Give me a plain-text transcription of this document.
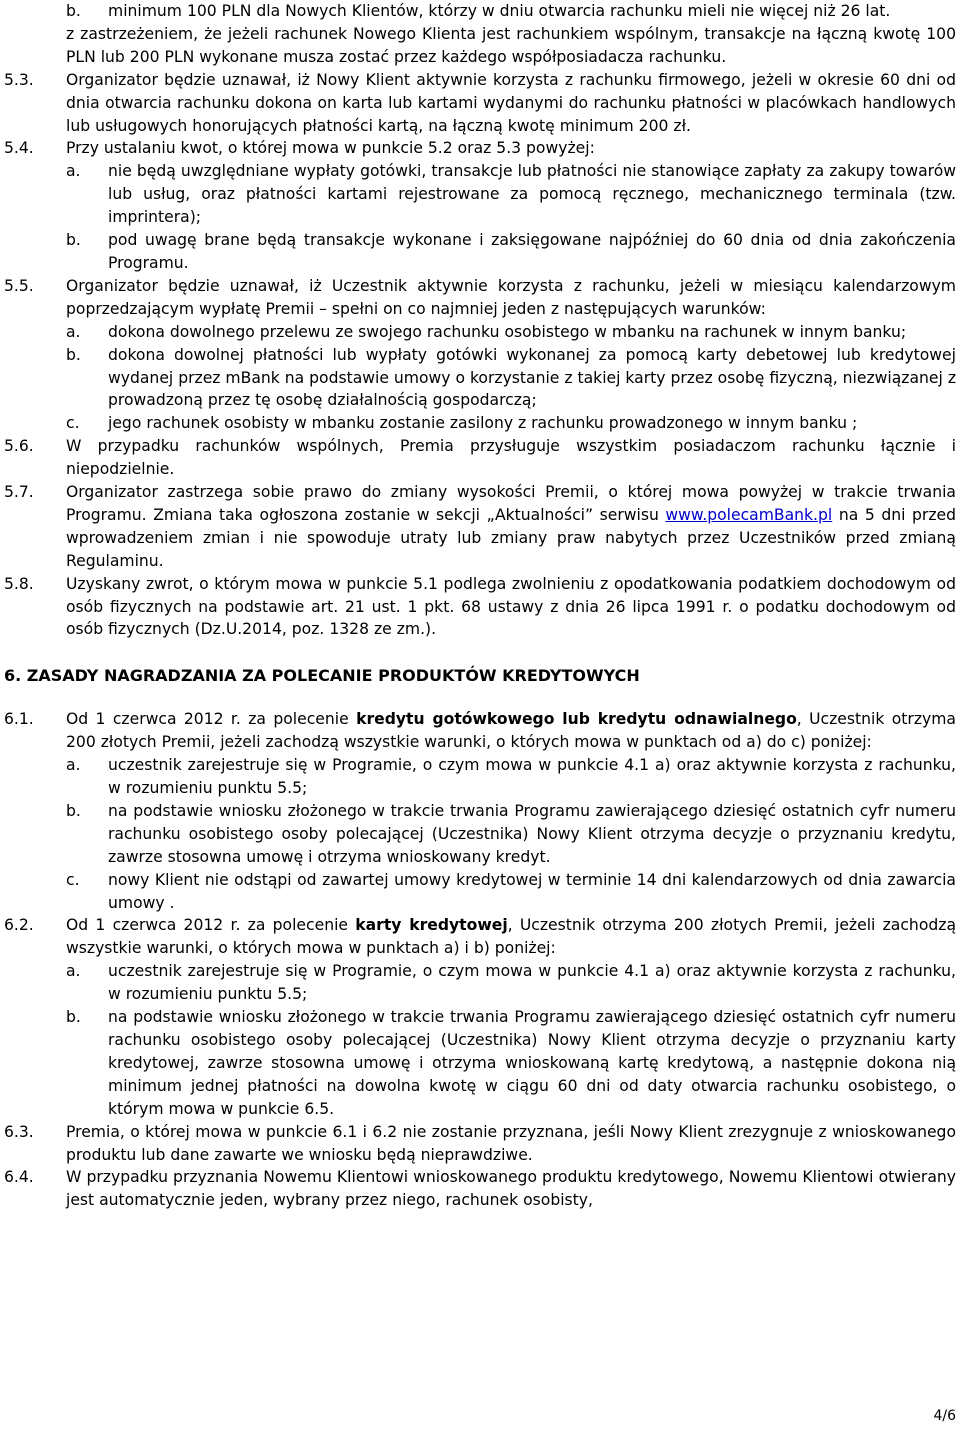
b.	minimum 100 PLN dla Nowych Klientów, którzy w dniu otwarcia rachunku mieli nie więcej niż 26 lat.
z zastrzeżeniem, że jeżeli rachunek Nowego Klienta jest rachunkiem wspólnym, transakcje na łączną kwotę 100 PLN lub 200 PLN wykonane musza zostać przez każdego współposiadacza rachunku.
5.3.	Organizator będzie uznawał, iż Nowy Klient aktywnie korzysta z rachunku firmowego, jeżeli w okresie 60 dni od dnia otwarcia rachunku dokona on karta lub kartami wydanymi do rachunku płatności w placówkach handlowych lub usługowych honorujących płatności kartą, na łączną kwotę minimum 200 zł.
5.4.	Przy ustalaniu kwot, o której mowa w punkcie 5.2 oraz 5.3 powyżej:
a.	nie będą uwzględniane wypłaty gotówki, transakcje lub płatności nie stanowiące zapłaty za zakupy towarów lub usług, oraz płatności kartami rejestrowane za pomocą ręcznego, mechanicznego terminala (tzw. imprintera);
b.	pod uwagę brane będą transakcje wykonane i zaksięgowane najpóźniej do 60 dnia od dnia zakończenia Programu.
5.5.	Organizator będzie uznawał, iż Uczestnik aktywnie korzysta z rachunku, jeżeli w miesiącu kalendarzowym poprzedzającym wypłatę Premii – spełni on co najmniej jeden z następujących warunków:
a.	dokona dowolnego przelewu ze swojego rachunku osobistego w mbanku na rachunek w innym banku;
b.	dokona dowolnej płatności lub wypłaty gotówki wykonanej za pomocą karty debetowej lub kredytowej wydanej przez mBank na podstawie umowy o korzystanie z takiej karty przez osobę fizyczną, niezwiązanej z prowadzoną przez tę osobę działalnością gospodarczą;
c.	jego rachunek osobisty w mbanku zostanie zasilony z rachunku prowadzonego w innym banku ;
5.6.	W przypadku rachunków wspólnych, Premia przysługuje wszystkim posiadaczom rachunku łącznie i niepodzielnie.
5.7.	Organizator zastrzega sobie prawo do zmiany wysokości Premii, o której mowa powyżej w trakcie trwania Programu. Zmiana taka ogłoszona zostanie w sekcji „Aktualności” serwisu www.polecamBank.pl na 5 dni przed wprowadzeniem zmian i nie spowoduje utraty lub zmiany praw nabytych przez Uczestników przed zmianą Regulaminu.
5.8.	Uzyskany zwrot, o którym mowa w punkcie 5.1 podlega zwolnieniu z opodatkowania podatkiem dochodowym od osób fizycznych na podstawie art. 21 ust. 1 pkt. 68 ustawy z dnia 26 lipca 1991 r. o podatku dochodowym od osób fizycznych (Dz.U.2014, poz. 1328 ze zm.).
6. ZASADY NAGRADZANIA ZA POLECANIE PRODUKTÓW KREDYTOWYCH
6.1.	Od 1 czerwca 2012 r. za polecenie kredytu gotówkowego lub kredytu odnawialnego, Uczestnik otrzyma 200 złotych Premii, jeżeli zachodzą wszystkie warunki, o których mowa w punktach od a) do c) poniżej:
a.	uczestnik zarejestruje się w Programie, o czym mowa w punkcie 4.1 a) oraz aktywnie korzysta z rachunku, w rozumieniu punktu 5.5;
b.	na podstawie wniosku złożonego w trakcie trwania Programu zawierającego dziesięć ostatnich cyfr numeru rachunku osobistego osoby polecającej (Uczestnika) Nowy Klient otrzyma decyzje o przyznaniu kredytu, zawrze stosowna umowę i otrzyma wnioskowany kredyt.
c.	nowy Klient nie odstąpi od zawartej umowy kredytowej w terminie 14 dni kalendarzowych od dnia zawarcia umowy .
6.2.	Od 1 czerwca 2012 r. za polecenie karty kredytowej, Uczestnik otrzyma 200 złotych Premii, jeżeli zachodzą wszystkie warunki, o których mowa w punktach a) i b) poniżej:
a.	uczestnik zarejestruje się w Programie, o czym mowa w punkcie 4.1 a) oraz aktywnie korzysta z rachunku, w rozumieniu punktu 5.5;
b.	na podstawie wniosku złożonego w trakcie trwania Programu zawierającego dziesięć ostatnich cyfr numeru rachunku osobistego osoby polecającej (Uczestnika) Nowy Klient otrzyma decyzje o przyznaniu karty kredytowej, zawrze stosowna umowę i otrzyma wnioskowaną kartę kredytową, a następnie dokona nią minimum jednej płatności na dowolna kwotę w ciągu 60 dni od daty otwarcia rachunku osobistego, o którym mowa w punkcie 6.5.
6.3.	Premia, o której mowa w punkcie 6.1 i 6.2 nie zostanie przyznana, jeśli Nowy Klient zrezygnuje z wnioskowanego produktu lub dane zawarte we wniosku będą nieprawdziwe.
6.4.	W przypadku przyznania Nowemu Klientowi wnioskowanego produktu kredytowego, Nowemu Klientowi otwierany jest automatycznie jeden, wybrany przez niego, rachunek osobisty,
4/6
